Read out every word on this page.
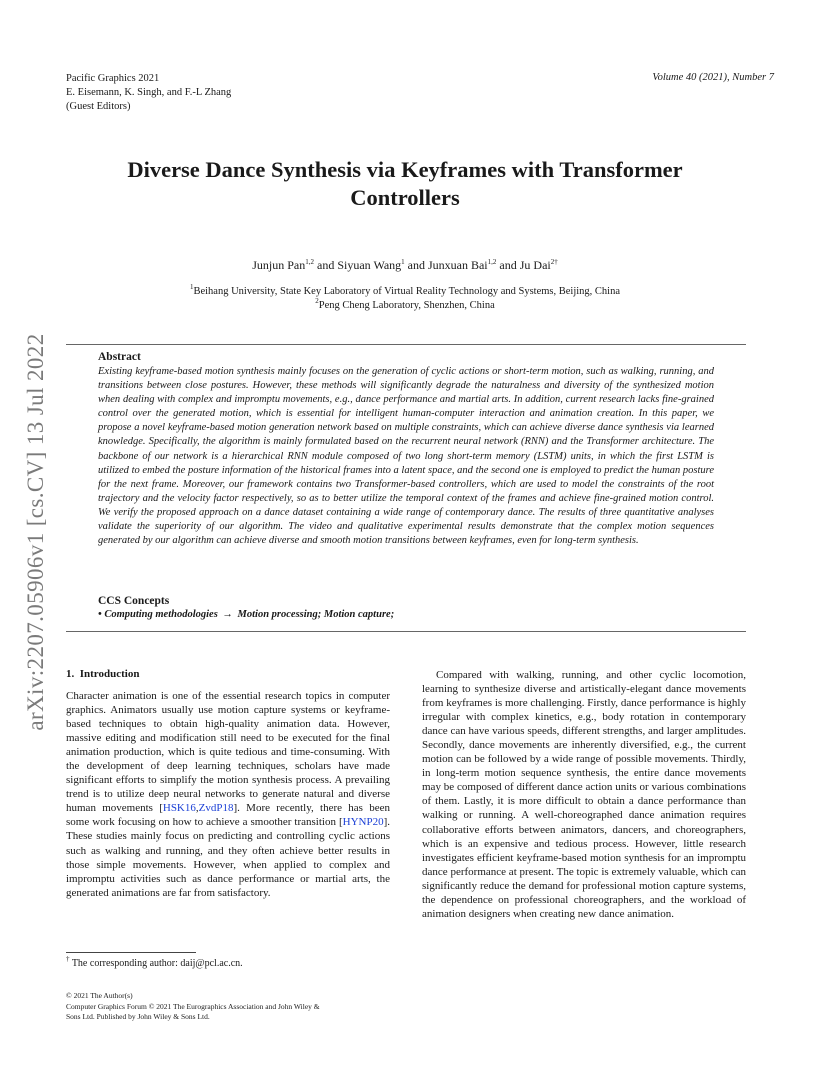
Pacific Graphics 2021
E. Eisemann, K. Singh, and F.-L Zhang
(Guest Editors)
Volume 40 (2021), Number 7
arXiv:2207.05906v1 [cs.CV] 13 Jul 2022
Diverse Dance Synthesis via Keyframes with Transformer Controllers
Junjun Pan$^{1,2}$ and Siyuan Wang$^1$ and Junxuan Bai$^{1,2}$ and Ju Dai$^{2\dagger}$
$^1$Beihang University, State Key Laboratory of Virtual Reality Technology and Systems, Beijing, China
$^2$Peng Cheng Laboratory, Shenzhen, China
Abstract
Existing keyframe-based motion synthesis mainly focuses on the generation of cyclic actions or short-term motion, such as walking, running, and transitions between close postures. However, these methods will significantly degrade the naturalness and diversity of the synthesized motion when dealing with complex and impromptu movements, e.g., dance performance and martial arts. In addition, current research lacks fine-grained control over the generated motion, which is essential for intelligent human-computer interaction and animation creation. In this paper, we propose a novel keyframe-based motion generation network based on multiple constraints, which can achieve diverse dance synthesis via learned knowledge. Specifically, the algorithm is mainly formulated based on the recurrent neural network (RNN) and the Transformer architecture. The backbone of our network is a hierarchical RNN module composed of two long short-term memory (LSTM) units, in which the first LSTM is utilized to embed the posture information of the historical frames into a latent space, and the second one is employed to predict the human posture for the next frame. Moreover, our framework contains two Transformer-based controllers, which are used to model the constraints of the root trajectory and the velocity factor respectively, so as to better utilize the temporal context of the frames and achieve fine-grained motion control. We verify the proposed approach on a dance dataset containing a wide range of contemporary dance. The results of three quantitative analyses validate the superiority of our algorithm. The video and qualitative experimental results demonstrate that the complex motion sequences generated by our algorithm can achieve diverse and smooth motion transitions between keyframes, even for long-term synthesis.
CCS Concepts
• Computing methodologies → Motion processing; Motion capture;
1.  Introduction
Character animation is one of the essential research topics in computer graphics. Animators usually use motion capture systems or keyframe-based techniques to obtain high-quality animation data. However, massive editing and modification still need to be executed for the final animation production, which is quite tedious and time-consuming. With the development of deep learning techniques, scholars have made significant efforts to simplify the motion synthesis process. A prevailing trend is to utilize deep neural networks to generate natural and diverse human movements [HSK16,ZvdP18]. More recently, there has been some work focusing on how to achieve a smoother transition [HYNP20]. These studies mainly focus on predicting and controlling cyclic actions such as walking and running, and they often achieve better results in those simple movements. However, when applied to complex and impromptu activities such as dance performance or martial arts, the generated animations are far from satisfactory.
Compared with walking, running, and other cyclic locomotion, learning to synthesize diverse and artistically-elegant dance movements from keyframes is more challenging. Firstly, dance performance is highly irregular with complex kinetics, e.g., body rotation in contemporary dance can have various speeds, different strengths, and larger amplitudes. Secondly, dance movements are inherently diversified, e.g., the current motion can be followed by a wide range of possible movements. Thirdly, in long-term motion sequence synthesis, the entire dance movements may be composed of different dance action units or various combinations of them. Lastly, it is more difficult to obtain a dance performance than walking or running. A well-choreographed dance animation requires collaborative efforts between animators, dancers, and choreographers, which is an expensive and tedious process. However, little research investigates efficient keyframe-based motion synthesis for an impromptu dance performance at present. The topic is extremely valuable, which can significantly reduce the demand for professional motion capture systems, the dependence on professional choreographers, and the workload of animation designers when creating new dance animation.
† The corresponding author: daij@pcl.ac.cn.
© 2021 The Author(s)
Computer Graphics Forum © 2021 The Eurographics Association and John Wiley & Sons Ltd. Published by John Wiley & Sons Ltd.
